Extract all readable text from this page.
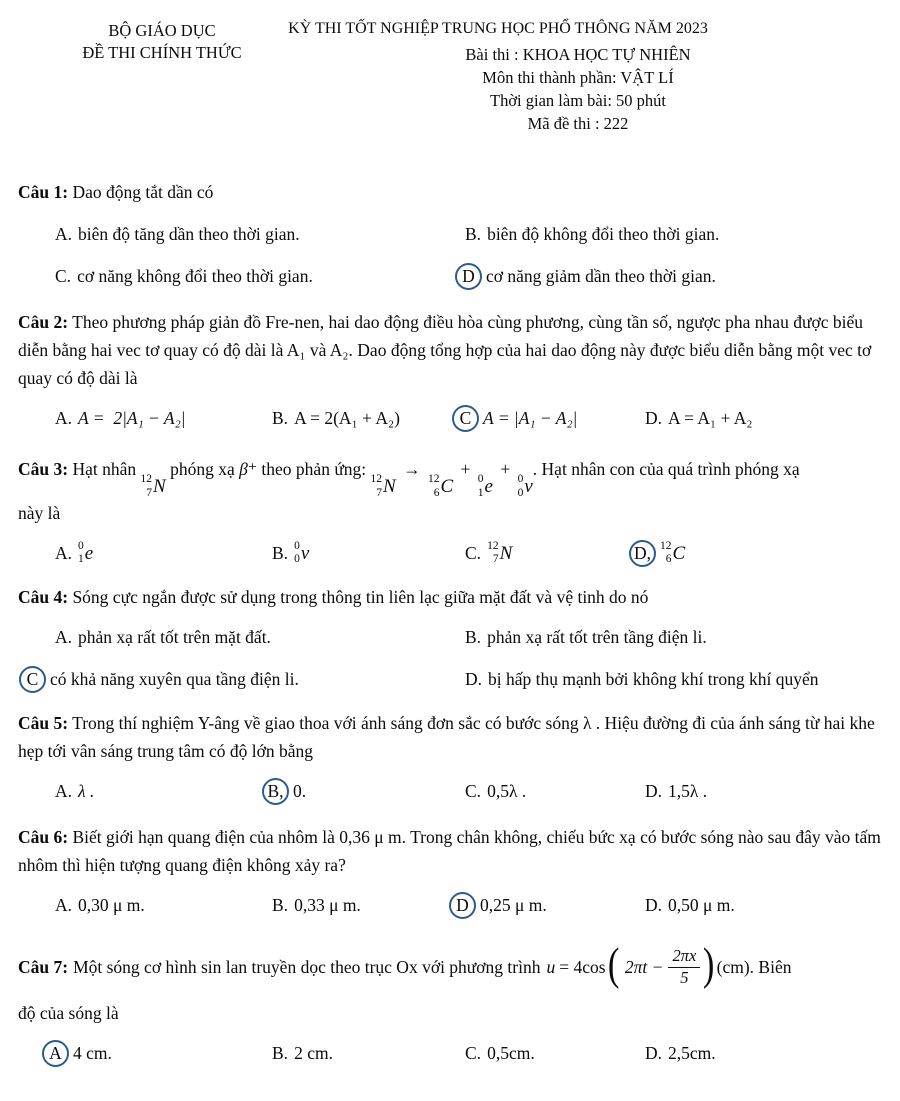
BỘ GIÁO DỤC
ĐỀ THI CHÍNH THỨC
KỲ THI TỐT NGHIỆP TRUNG HỌC PHỔ THÔNG NĂM 2023
Bài thi : KHOA HỌC TỰ NHIÊN
Môn thi thành phần: VẬT LÍ
Thời gian làm bài: 50 phút
Mã đề thi : 222

Câu 1: Dao động tắt dần có

A. biên độ tăng dần theo thời gian.	B. biên độ không đổi theo thời gian.
C. cơ năng không đổi theo thời gian.	D cơ năng giảm dần theo thời gian.

Câu 2: Theo phương pháp giản đồ Fre-nen, hai dao động điều hòa cùng phương, cùng tần số, ngược pha nhau được biểu diễn bằng hai vec tơ quay có độ dài là A₁ và A₂. Dao động tổng hợp của hai dao động này được biểu diễn bằng một vec tơ quay có độ dài là

A. A =  2|A₁ − A₂|	B. A = 2(A₁ + A₂)	C A = |A₁ − A₂|	D. A = A₁ + A₂
Câu 3: Hạt nhân 12
7 N
phóng xạ β⁺ theo phản ứng: 12
7 N
→ 12
6 C
+ 0
1 e
+ 0
0 ν
. Hạt nhân con của quá trình phóng xạ
này là
A. 0
1 e	B. 0
0 ν	C. 12
7 N	D, 12
6 C

Câu 4: Sóng cực ngắn được sử dụng trong thông tin liên lạc giữa mặt đất và vệ tinh do nó

A. phản xạ rất tốt trên mặt đất.	B. phản xạ rất tốt trên tầng điện li.
C có khả năng xuyên qua tầng điện li.	D. bị hấp thụ mạnh bởi không khí trong khí quyển

Câu 5: Trong thí nghiệm Y-âng về giao thoa với ánh sáng đơn sắc có bước sóng λ . Hiệu đường đi của ánh sáng từ hai khe hẹp tới vân sáng trung tâm có độ lớn bằng

A. λ .	B, 0.	C. 0,5λ .	D. 1,5λ .

Câu 6: Biết giới hạn quang điện của nhôm là 0,36 μ m. Trong chân không, chiếu bức xạ có bước sóng nào sau đây vào tấm nhôm thì hiện tượng quang điện không xảy ra?

A. 0,30 μ m.	B. 0,33 μ m.	D 0,25 μ m.	D. 0,50 μ m.
Câu 7: Một sóng cơ hình sin lan truyền dọc theo trục Ox với phương trình u = 4cos ( $2\pi t - \frac{2\pi x}{5}$ ) (cm). Biên
độ của sóng là
A 4 cm.	B. 2 cm.	C. 0,5cm.	D. 2,5cm.
